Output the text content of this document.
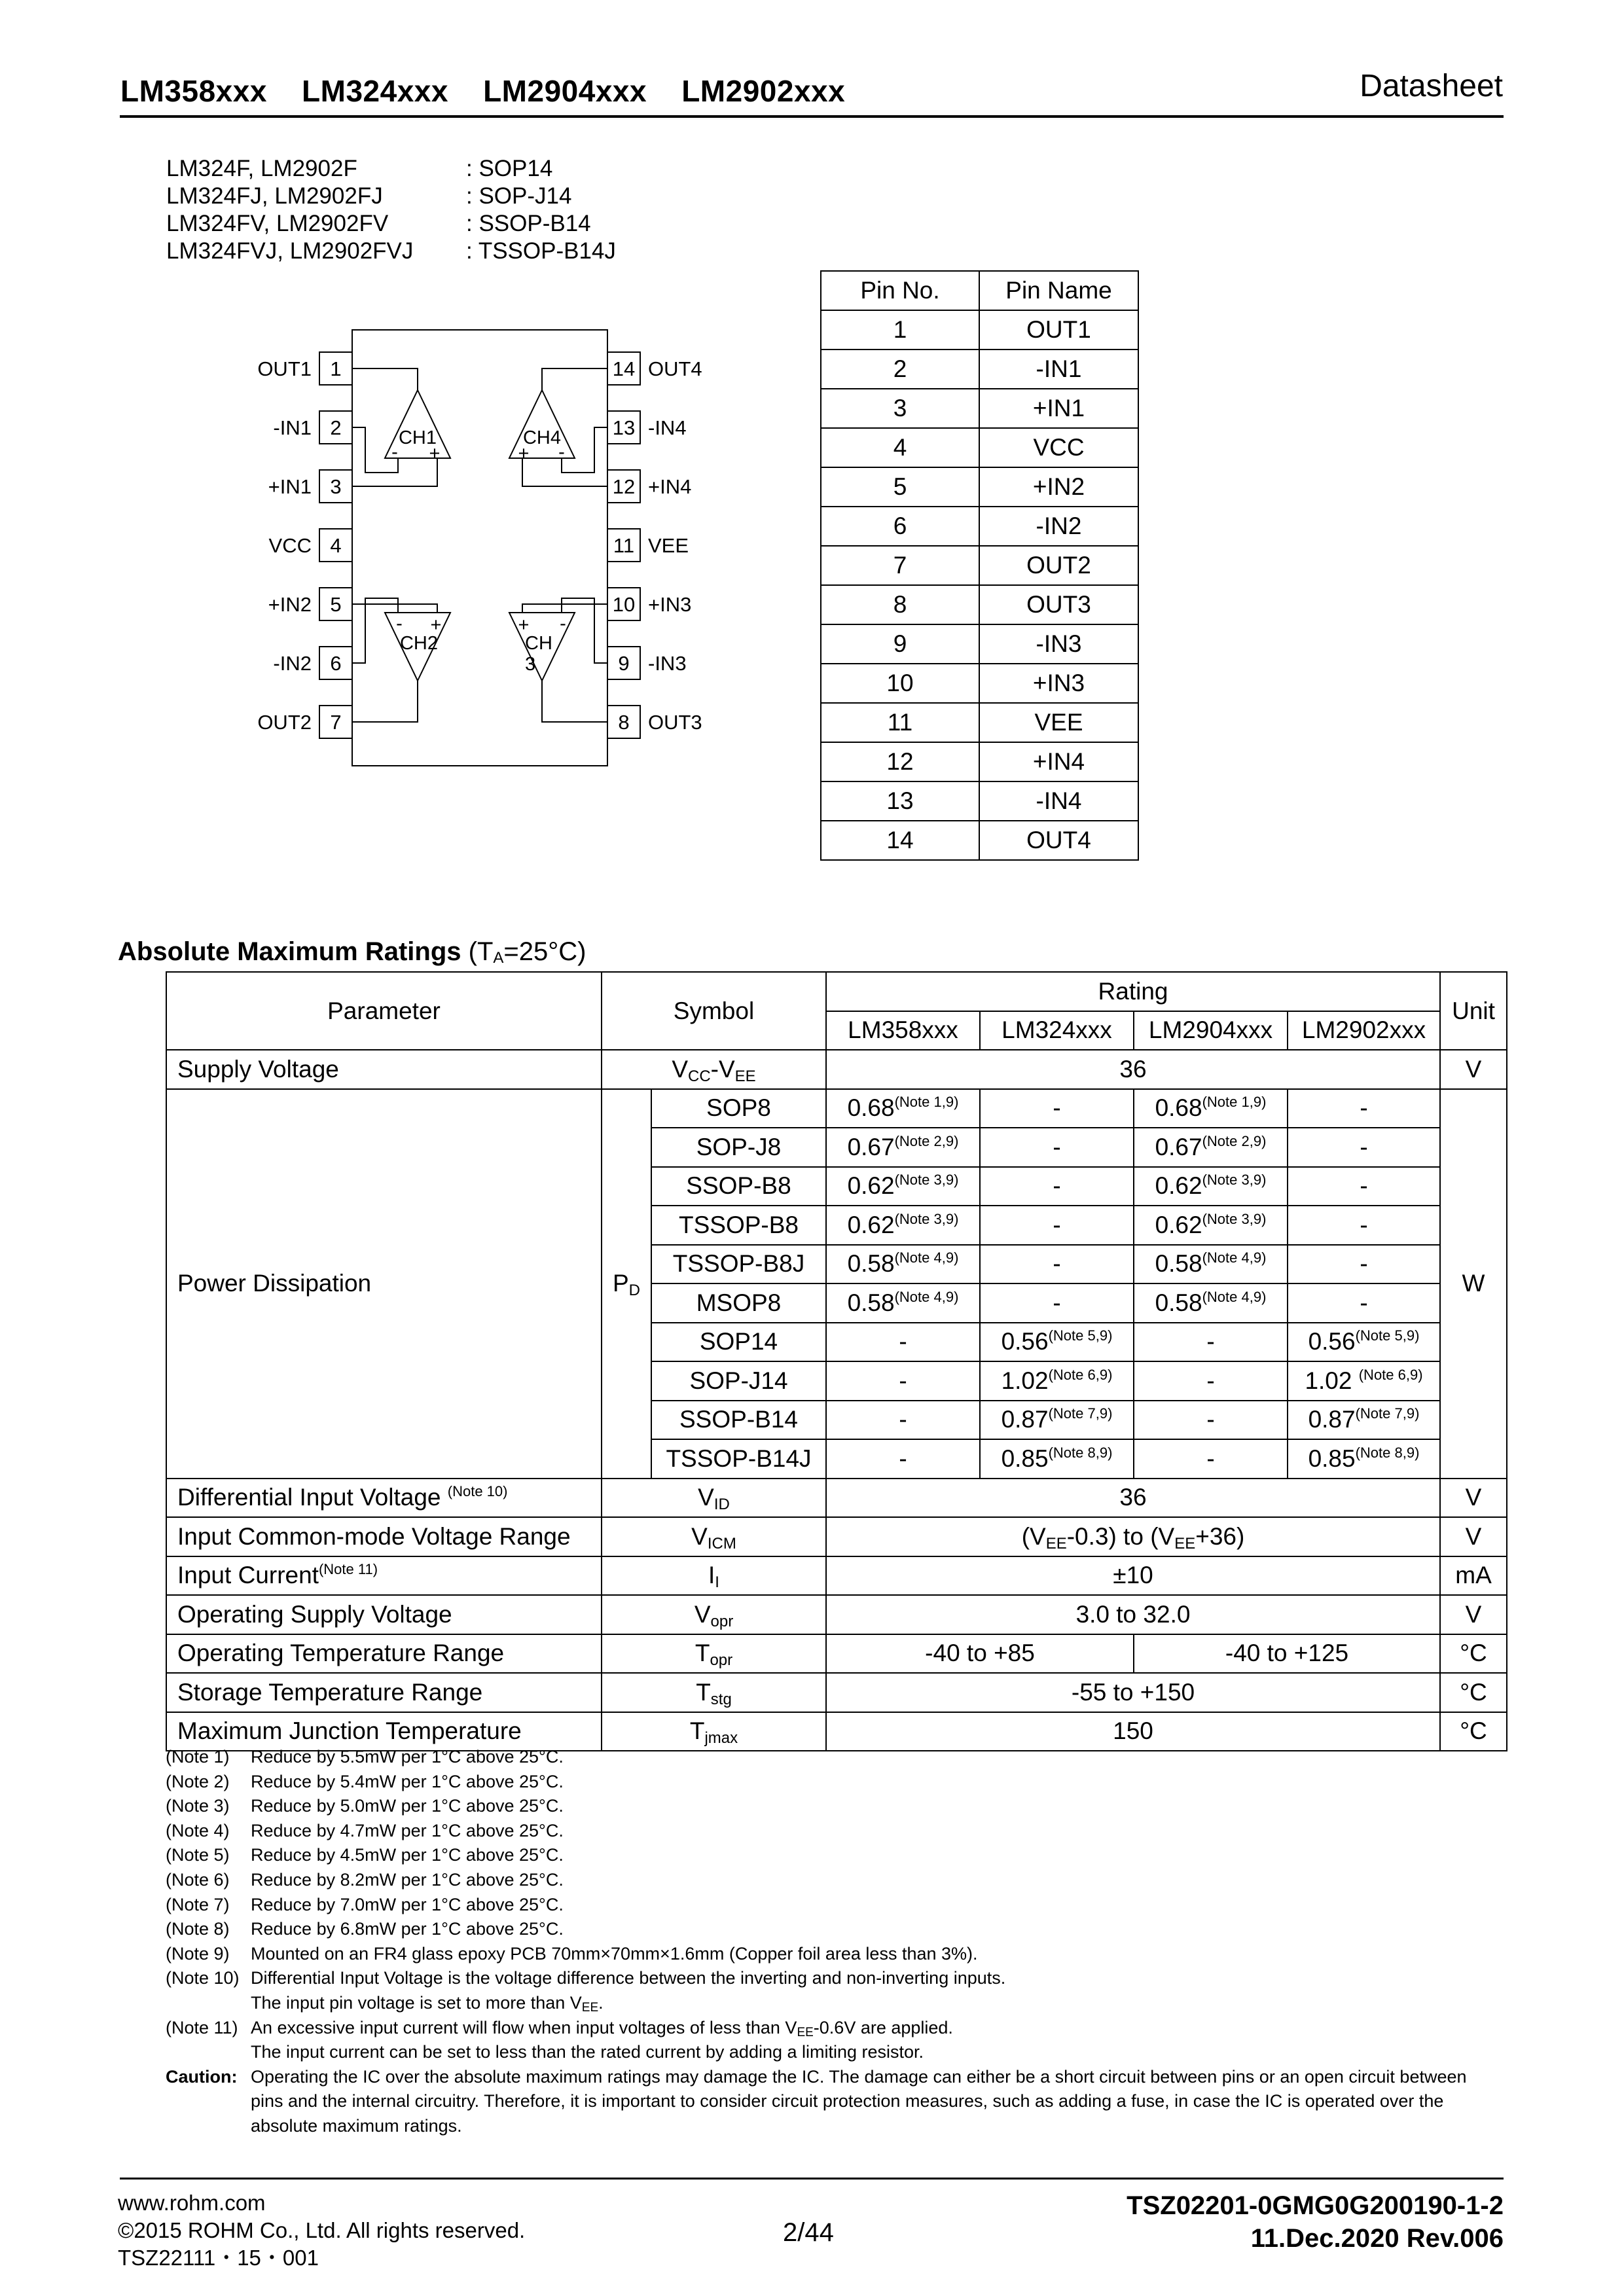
LM358xxx    LM324xxx    LM2904xxx    LM2902xxx	Datasheet
LM324F, LM2902F	: SOP14
LM324FJ, LM2902FJ	: SOP-J14
LM324FV, LM2902FV	: SSOP-B14
LM324FVJ, LM2902FVJ	: TSSOP-B14J
OUT1
-IN1
+IN1
VCC
+IN2
-IN2
OUT2
1
2
3
4
5
6
7
14
13
12
11
10
9
8
OUT4
-IN4
+IN4
VEE
+IN3
-IN3
OUT3
CH1
- +
CH4
+ -
- +
CH2
+ -
CH
3
Pin No.	Pin Name
1	OUT1
2	-IN1
3	+IN1
4	VCC
5	+IN2
6	-IN2
7	OUT2
8	OUT3
9	-IN3
10	+IN3
11	VEE
12	+IN4
13	-IN4
14	OUT4
Absolute Maximum Ratings $(T_A=25^\circ C)$
Parameter	Symbol		Rating				Unit
			LM358xxx	LM324xxx	LM2904xxx	LM2902xxx	
Supply Voltage	$V_{CC}-V_{EE}$		36				V
Power Dissipation	$P_D$	SOP8	$0.68^{(Note 1,9)}$	-	$0.68^{(Note 1,9)}$	-	W
		SOP-J8	$0.67^{(Note 2,9)}$	-	$0.67^{(Note 2,9)}$	-	
		SSOP-B8	$0.62^{(Note 3,9)}$	-	$0.62^{(Note 3,9)}$	-	
		TSSOP-B8	$0.62^{(Note 3,9)}$	-	$0.62^{(Note 3,9)}$	-	
		TSSOP-B8J	$0.58^{(Note 4,9)}$	-	$0.58^{(Note 4,9)}$	-	
		MSOP8	$0.58^{(Note 4,9)}$	-	$0.58^{(Note 4,9)}$	-	
		SOP14	-	$0.56^{(Note 5,9)}$	-	$0.56^{(Note 5,9)}$
		SOP-J14	-	$1.02^{(Note 6,9)}$	-	1.02 $^{(Note 6,9)}$
		SSOP-B14	-	$0.87^{(Note 7,9)}$	-	$0.87^{(Note 7,9)}$
		TSSOP-B14J	-	$0.85^{(Note 8,9)}$	-	$0.85^{(Note 8,9)}$
Differential Input Voltage $^{(Note 10)}$	$V_{ID}$		36				V
Input Common-mode Voltage Range	$V_{ICM}$		$(V_{EE}-0.3)$ to $(V_{EE}+36)$				V
Input Current$^{(Note 11)}$	$I_I$		±10				mA
Operating Supply Voltage	$V_{opr}$		3.0 to 32.0				V
Operating Temperature Range	$T_{opr}$		-40 to +85		-40 to +125		°C
Storage Temperature Range	$T_{stg}$		-55 to +150				°C
Maximum Junction Temperature	$T_{jmax}$		150				°C
(Note 1)	Reduce by 5.5mW per 1°C above 25°C.
(Note 2)	Reduce by 5.4mW per 1°C above 25°C.
(Note 3)	Reduce by 5.0mW per 1°C above 25°C.
(Note 4)	Reduce by 4.7mW per 1°C above 25°C.
(Note 5)	Reduce by 4.5mW per 1°C above 25°C.
(Note 6)	Reduce by 8.2mW per 1°C above 25°C.
(Note 7)	Reduce by 7.0mW per 1°C above 25°C.
(Note 8)	Reduce by 6.8mW per 1°C above 25°C.
(Note 9)	Mounted on an FR4 glass epoxy PCB 70mm×70mm×1.6mm (Copper foil area less than 3%).
(Note 10) Differential Input Voltage is the voltage difference between the inverting and non-inverting inputs.
The input pin voltage is set to more than $V_{EE}$.
(Note 11) An excessive input current will flow when input voltages of less than $V_{EE}-0.6V$ are applied.
The input current can be set to less than the rated current by adding a limiting resistor.
Caution: Operating the IC over the absolute maximum ratings may damage the IC. The damage can either be a short circuit between pins or an open circuit between pins and the internal circuitry. Therefore, it is important to consider circuit protection measures, such as adding a fuse, in case the IC is operated over the absolute maximum ratings.
www.rohm.com
©2015 ROHM Co., Ltd. All rights reserved.
TSZ22111・15・001
2/44
TSZ02201-0GMG0G200190-1-2
11.Dec.2020 Rev.006
